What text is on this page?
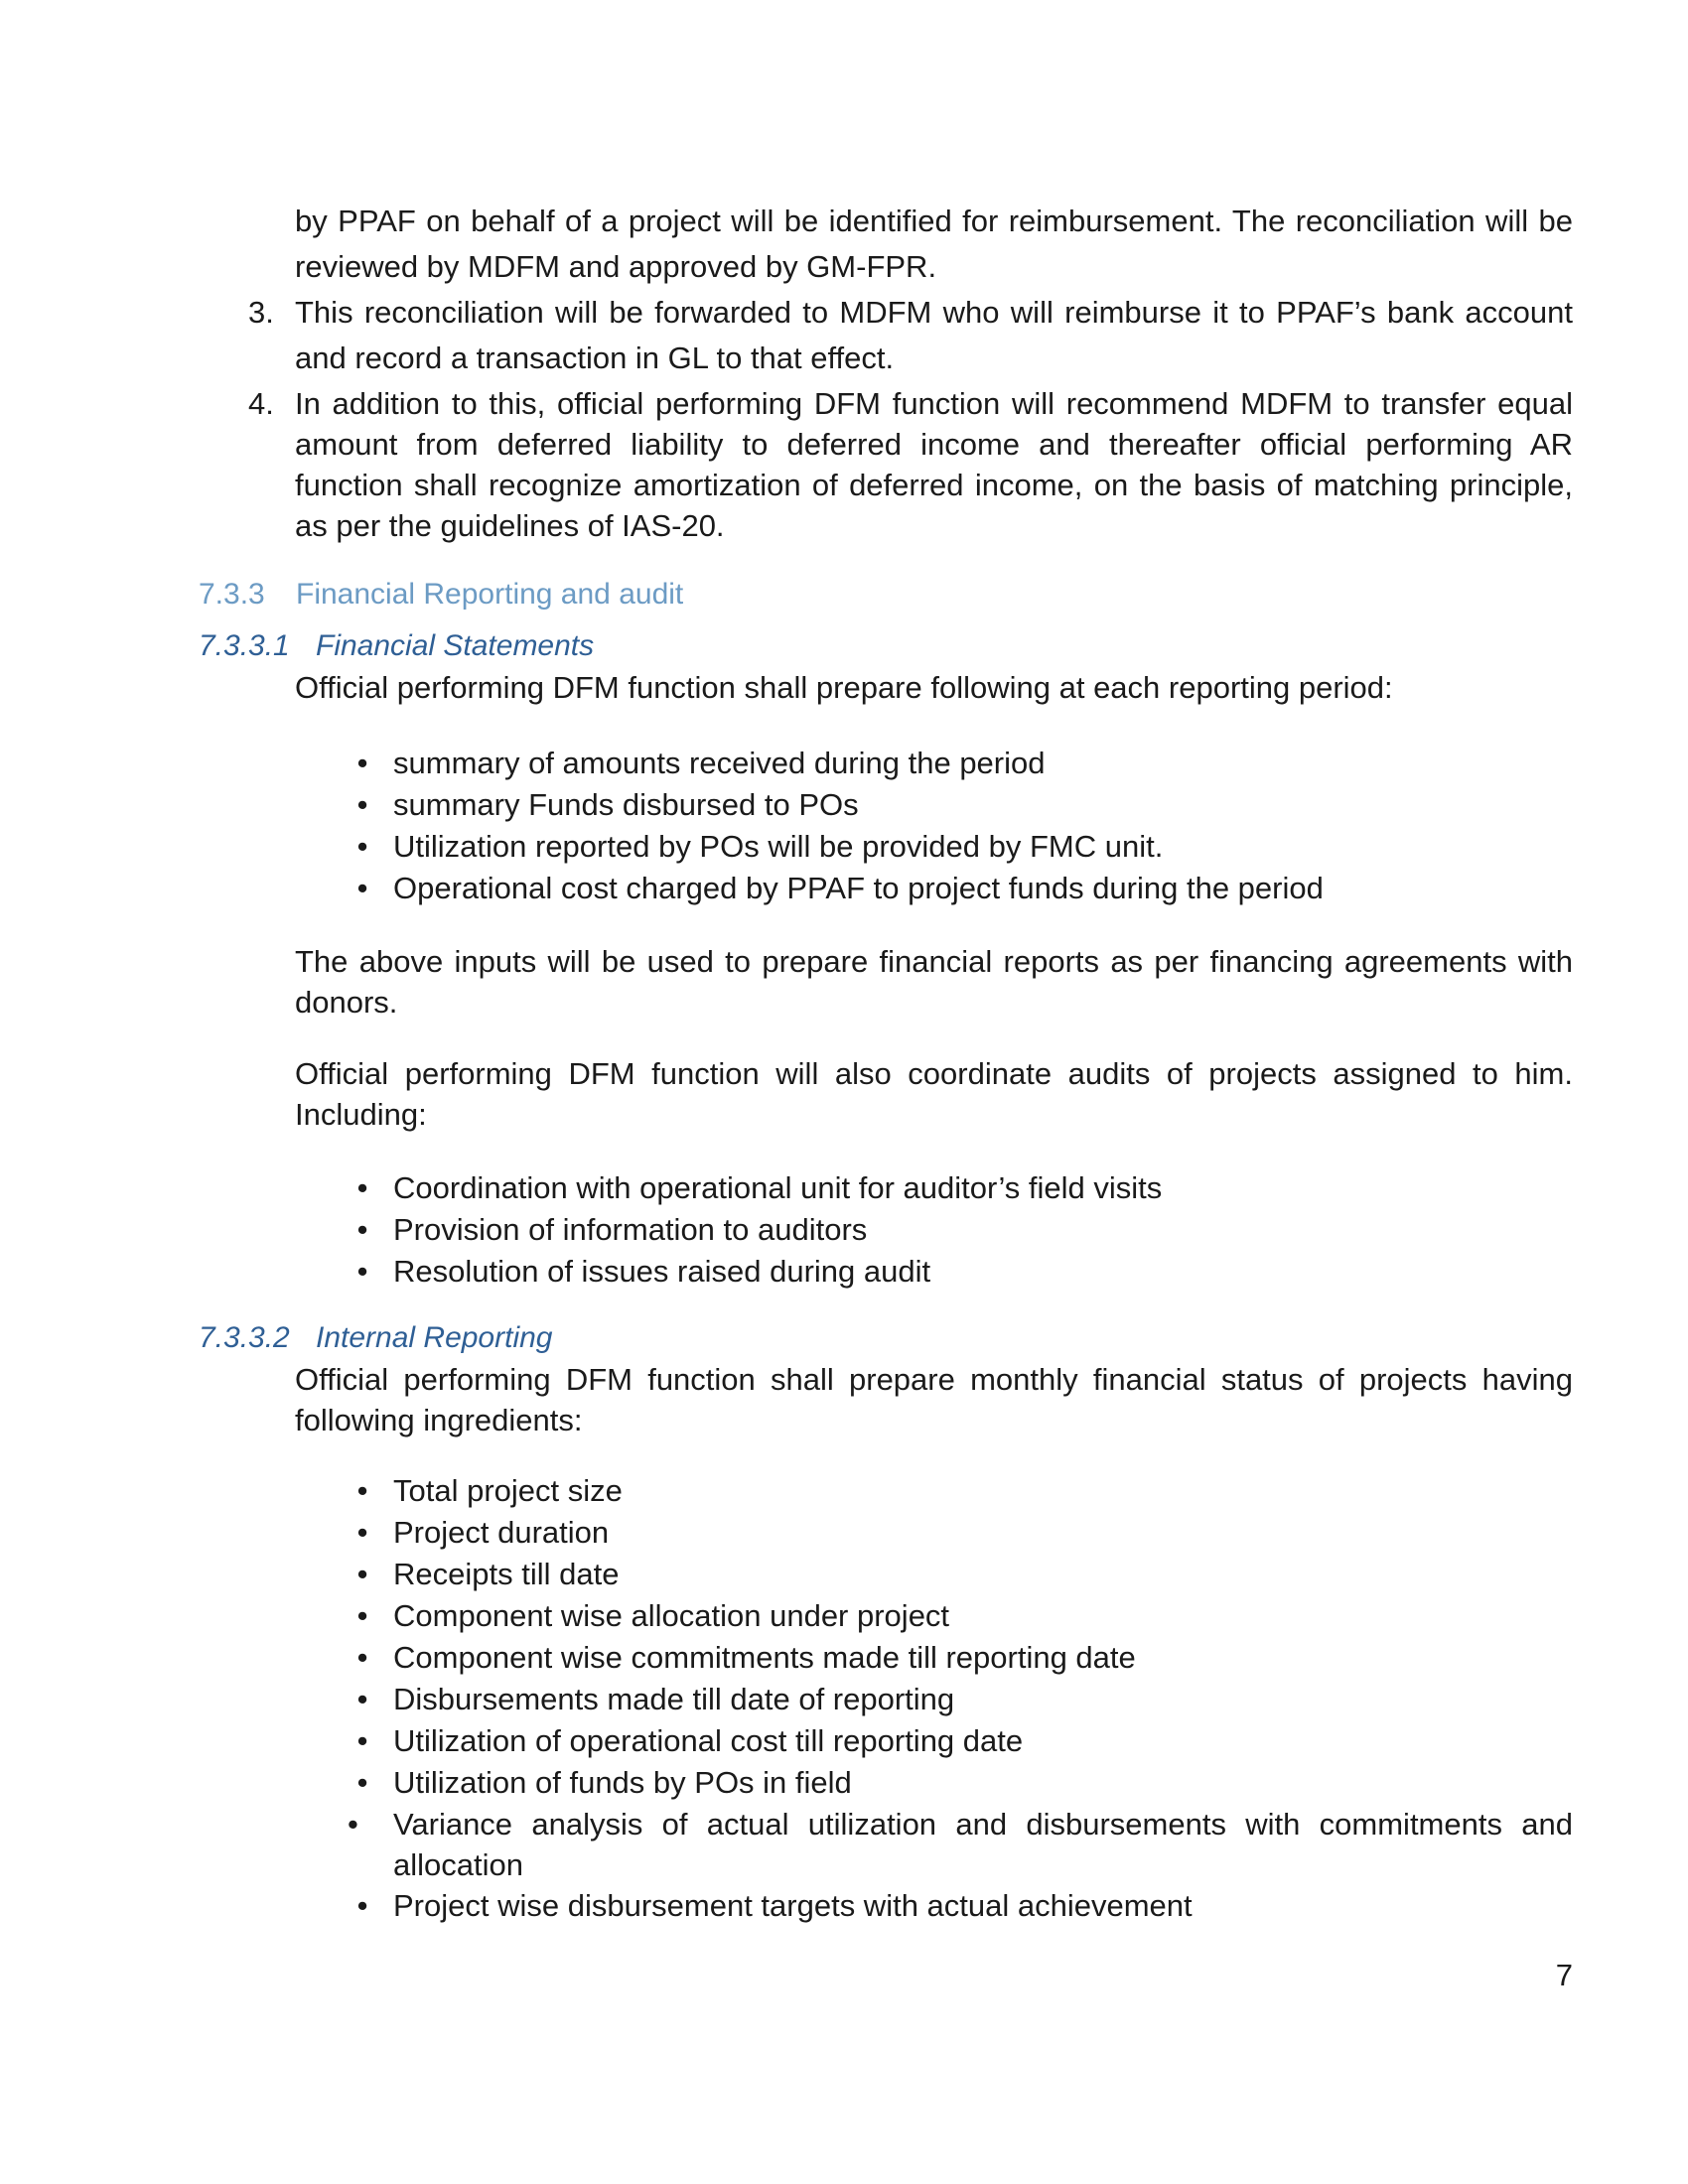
by PPAF on behalf of a project will be identified for reimbursement. The reconciliation will be
reviewed by MDFM and approved by GM-FPR.
3. This reconciliation will be forwarded to MDFM who will reimburse it to PPAF’s bank account and record a transaction in GL to that effect.
4. In addition to this, official performing DFM function will recommend MDFM to transfer equal amount from deferred liability to deferred income and thereafter official performing AR function shall recognize amortization of deferred income, on the basis of matching principle, as per the guidelines of IAS-20.
7.3.3 Financial Reporting and audit
7.3.3.1 Financial Statements
Official performing DFM function shall prepare following at each reporting period:
• summary of amounts received during the period
• summary Funds disbursed to POs
• Utilization reported by POs will be provided by FMC unit.
• Operational cost charged by PPAF to project funds during the period
The above inputs will be used to prepare financial reports as per financing agreements with donors.
Official performing DFM function will also coordinate audits of projects assigned to him. Including:
• Coordination with operational unit for auditor’s field visits
• Provision of information to auditors
• Resolution of issues raised during audit
7.3.3.2 Internal Reporting
Official performing DFM function shall prepare monthly financial status of projects having following ingredients:
• Total project size
• Project duration
• Receipts till date
• Component wise allocation under project
• Component wise commitments made till reporting date
• Disbursements made till date of reporting
• Utilization of operational cost till reporting date
• Utilization of funds by POs in field
•	Variance analysis of actual utilization and disbursements with commitments and allocation
• Project wise disbursement targets with actual achievement
7
